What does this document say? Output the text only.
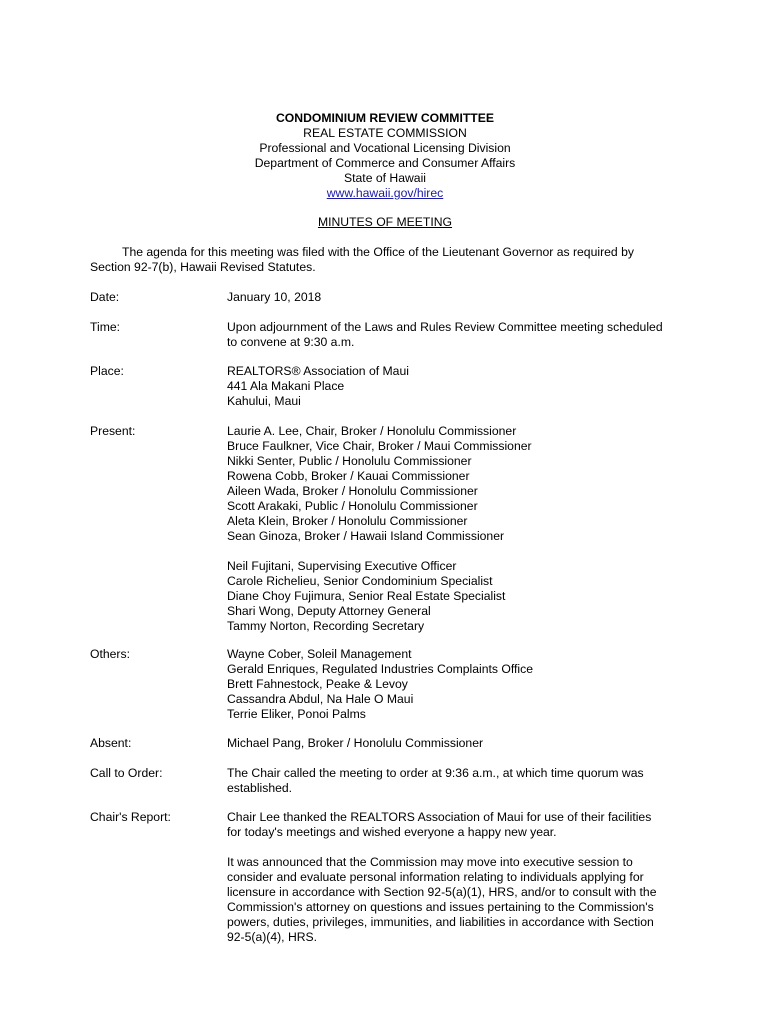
CONDOMINIUM REVIEW COMMITTEE
REAL ESTATE COMMISSION
Professional and Vocational Licensing Division
Department of Commerce and Consumer Affairs
State of Hawaii
www.hawaii.gov/hirec
MINUTES OF MEETING
The agenda for this meeting was filed with the Office of the Lieutenant Governor as required by
Section 92-7(b), Hawaii Revised Statutes.
Date:	January 10, 2018
Time:	Upon adjournment of the Laws and Rules Review Committee meeting scheduled
to convene at 9:30 a.m.
Place:	REALTORS® Association of Maui
441 Ala Makani Place
Kahului, Maui
Present:	Laurie A. Lee, Chair, Broker / Honolulu Commissioner
Bruce Faulkner, Vice Chair, Broker / Maui Commissioner
Nikki Senter, Public / Honolulu Commissioner
Rowena Cobb, Broker / Kauai Commissioner
Aileen Wada, Broker / Honolulu Commissioner
Scott Arakaki, Public / Honolulu Commissioner
Aleta Klein, Broker / Honolulu Commissioner
Sean Ginoza, Broker / Hawaii Island Commissioner
Neil Fujitani, Supervising Executive Officer
Carole Richelieu, Senior Condominium Specialist
Diane Choy Fujimura, Senior Real Estate Specialist
Shari Wong, Deputy Attorney General
Tammy Norton, Recording Secretary
Others:	Wayne Cober, Soleil Management
Gerald Enriques, Regulated Industries Complaints Office
Brett Fahnestock, Peake & Levoy
Cassandra Abdul, Na Hale O Maui
Terrie Eliker, Ponoi Palms
Absent:	Michael Pang, Broker / Honolulu Commissioner
Call to Order:	The Chair called the meeting to order at 9:36 a.m., at which time quorum was
established.
Chair's Report:	Chair Lee thanked the REALTORS Association of Maui for use of their facilities
for today's meetings and wished everyone a happy new year.
It was announced that the Commission may move into executive session to
consider and evaluate personal information relating to individuals applying for
licensure in accordance with Section 92-5(a)(1), HRS, and/or to consult with the
Commission's attorney on questions and issues pertaining to the Commission's
powers, duties, privileges, immunities, and liabilities in accordance with Section
92-5(a)(4), HRS.
